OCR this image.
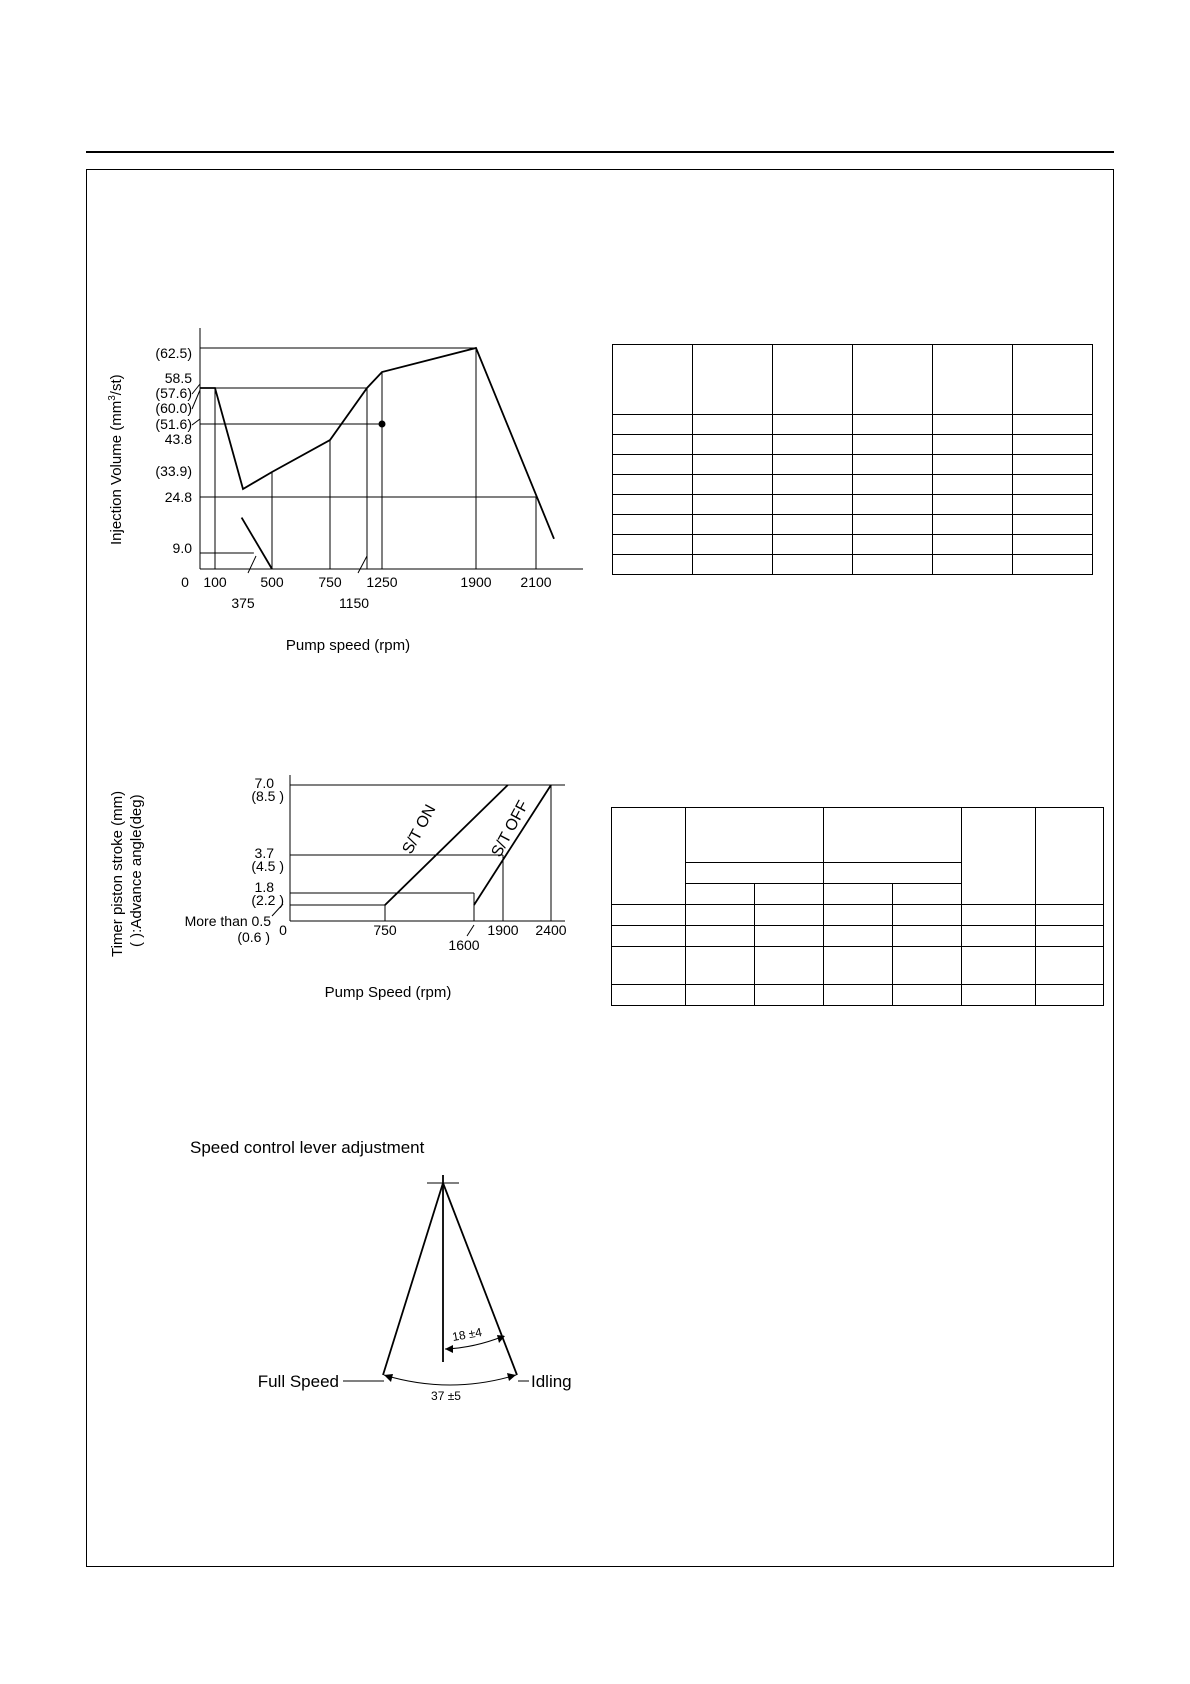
Injection Volume $(mm^3/st)$
(62.5)
58.5
(57.6)
(60.0)
(51.6)
43.8
(33.9)
24.8
9.0
0 100 500 750 1250	1900 2100
375	1150
Pump speed (rpm)
Timer piston stroke (mm) ( ):Advance angle(deg)	S/T ON	S/T OFF
7.0
(8.5 )
3.7
(4.5 )
1.8
(2.2 )
More than 0.5
(0.6 ) 0	750	1900 2400
1600
Pump Speed (rpm)
Speed control lever adjustment
18 ±4
37 ±5
Full Speed	Idling
